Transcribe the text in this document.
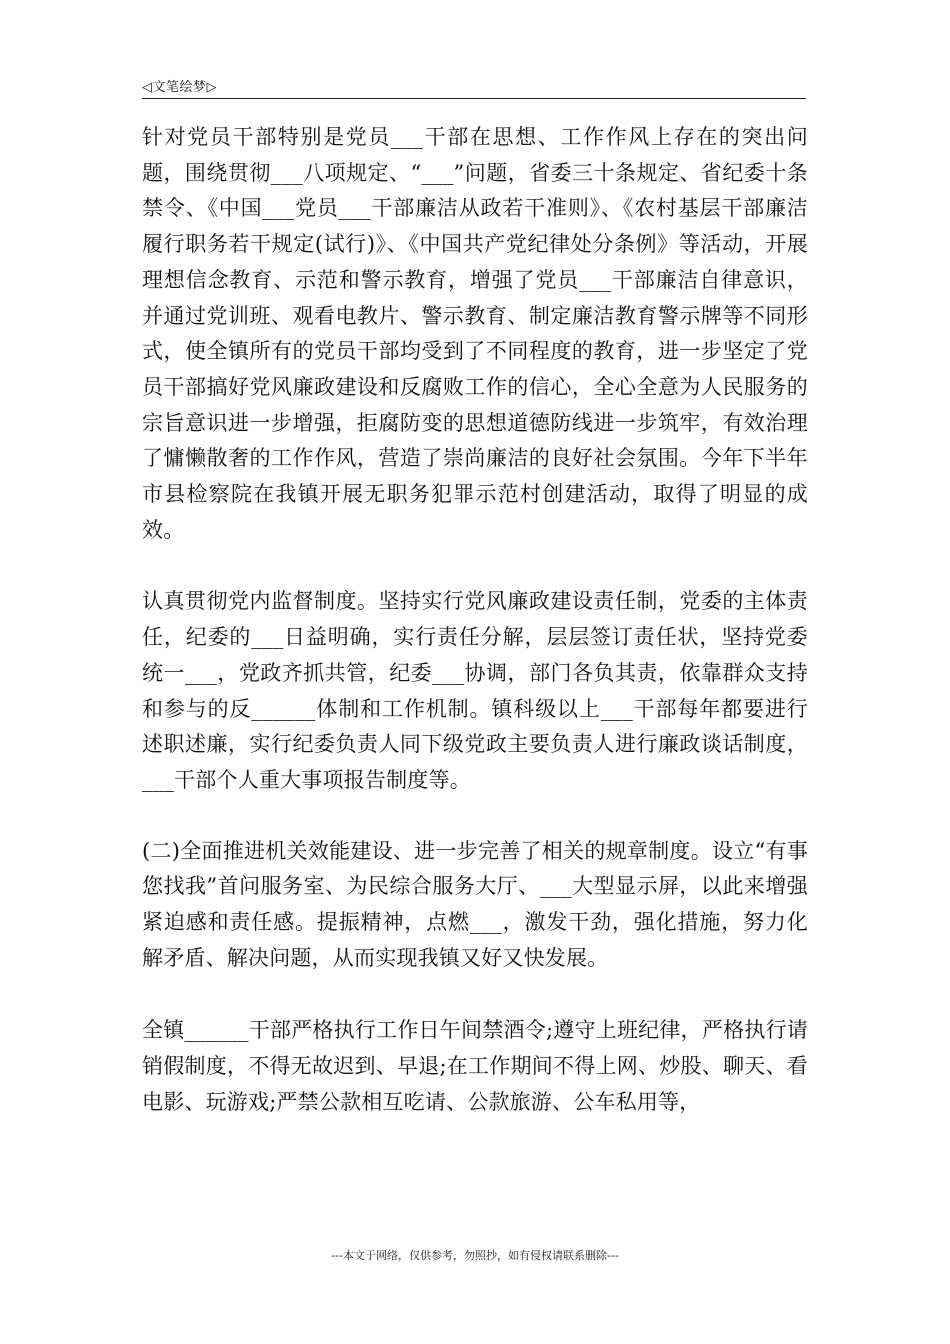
◁文笔绘梦▷

针对党员干部特别是党员___干部在思想、工作作风上存在的突出问题，围绕贯彻___八项规定、“___”问题，省委三十条规定、省纪委十条禁令、《中国___党员___干部廉洁从政若干准则》、《农村基层干部廉洁履行职务若干规定(试行)》、《中国共产党纪律处分条例》等活动，开展理想信念教育、示范和警示教育，增强了党员___干部廉洁自律意识，并通过党训班、观看电教片、警示教育、制定廉洁教育警示牌等不同形式，使全镇所有的党员干部均受到了不同程度的教育，进一步坚定了党员干部搞好党风廉政建设和反腐败工作的信心，全心全意为人民服务的宗旨意识进一步增强，拒腐防变的思想道德防线进一步筑牢，有效治理了慵懒散奢的工作作风，营造了崇尚廉洁的良好社会氛围。今年下半年市县检察院在我镇开展无职务犯罪示范村创建活动，取得了明显的成效。

认真贯彻党内监督制度。坚持实行党风廉政建设责任制，党委的主体责任，纪委的___日益明确，实行责任分解，层层签订责任状，坚持党委统一___，党政齐抓共管，纪委___协调，部门各负其责，依靠群众支持和参与的反______体制和工作机制。镇科级以上___干部每年都要进行述职述廉，实行纪委负责人同下级党政主要负责人进行廉政谈话制度，___干部个人重大事项报告制度等。

(二)全面推进机关效能建设、进一步完善了相关的规章制度。设立“有事您找我”首问服务室、为民综合服务大厅、___大型显示屏，以此来增强紧迫感和责任感。提振精神，点燃___，激发干劲，强化措施，努力化解矛盾、解决问题，从而实现我镇又好又快发展。

全镇______干部严格执行工作日午间禁酒令;遵守上班纪律，严格执行请销假制度，不得无故迟到、早退;在工作期间不得上网、炒股、聊天、看电影、玩游戏;严禁公款相互吃请、公款旅游、公车私用等，

---本文于网络，仅供参考，勿照抄，如有侵权请联系删除---
